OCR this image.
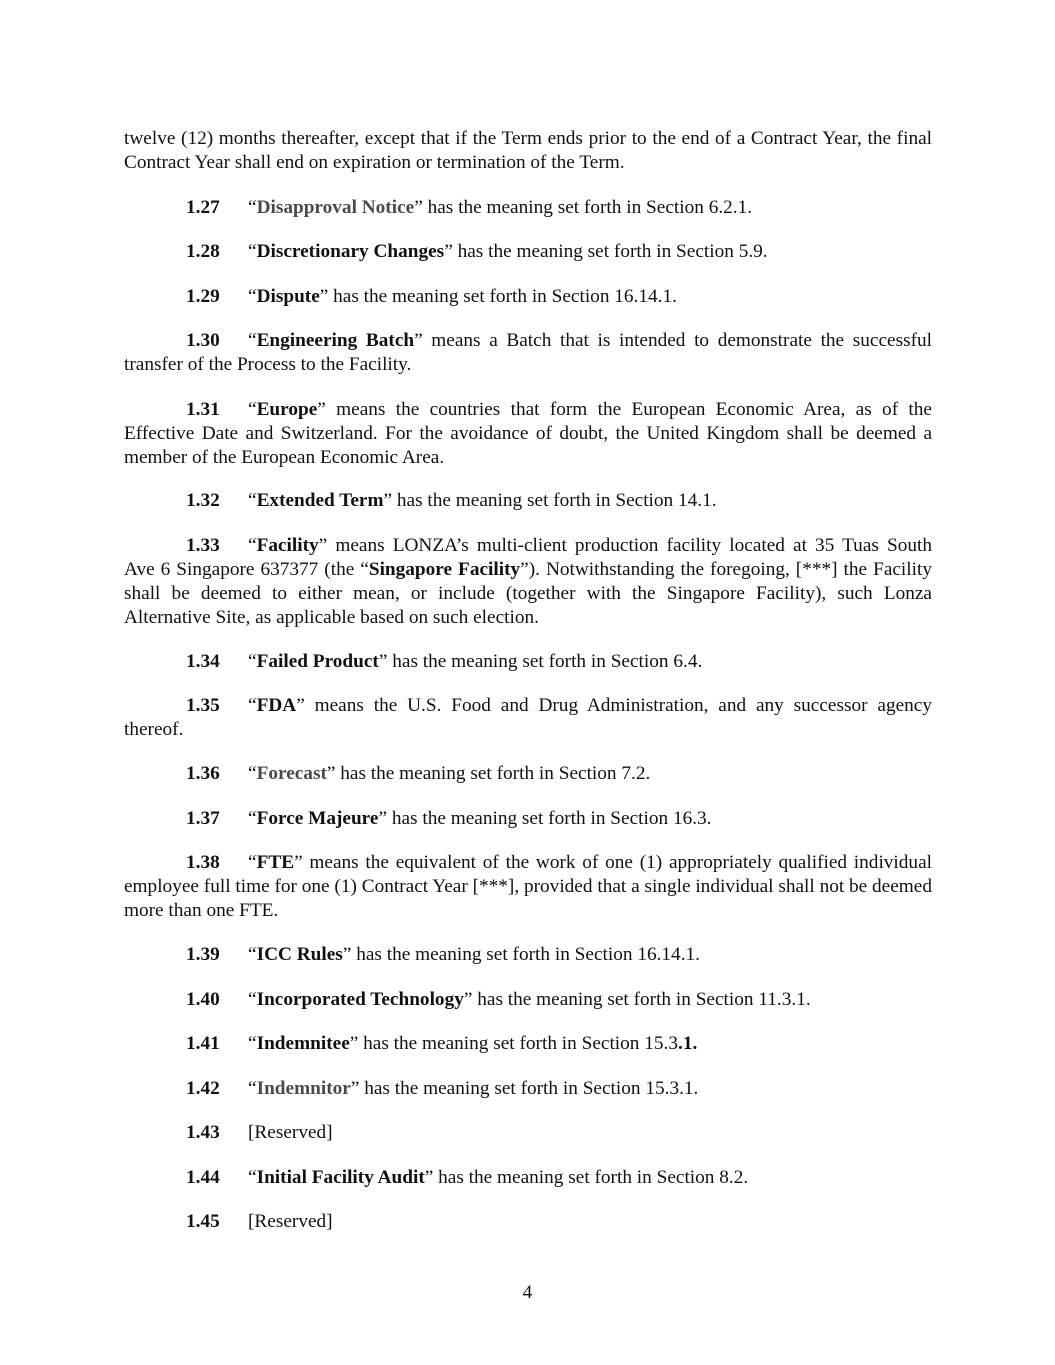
twelve (12) months thereafter, except that if the Term ends prior to the end of a Contract Year, the final Contract Year shall end on expiration or termination of the Term.

1.27 “Disapproval Notice” has the meaning set forth in Section 6.2.1.

1.28 “Discretionary Changes” has the meaning set forth in Section 5.9.

1.29 “Dispute” has the meaning set forth in Section 16.14.1.

1.30 “Engineering Batch” means a Batch that is intended to demonstrate the successful transfer of the Process to the Facility.

1.31 “Europe” means the countries that form the European Economic Area, as of the Effective Date and Switzerland. For the avoidance of doubt, the United Kingdom shall be deemed a member of the European Economic Area.

1.32 “Extended Term” has the meaning set forth in Section 14.1.

1.33 “Facility” means LONZA’s multi-client production facility located at 35 Tuas South Ave 6 Singapore 637377 (the “Singapore Facility”). Notwithstanding the foregoing, [***] the Facility shall be deemed to either mean, or include (together with the Singapore Facility), such Lonza Alternative Site, as applicable based on such election.

1.34 “Failed Product” has the meaning set forth in Section 6.4.

1.35 “FDA” means the U.S. Food and Drug Administration, and any successor agency thereof.

1.36 “Forecast” has the meaning set forth in Section 7.2.

1.37 “Force Majeure” has the meaning set forth in Section 16.3.

1.38 “FTE” means the equivalent of the work of one (1) appropriately qualified individual employee full time for one (1) Contract Year [***], provided that a single individual shall not be deemed more than one FTE.

1.39 “ICC Rules” has the meaning set forth in Section 16.14.1.

1.40 “Incorporated Technology” has the meaning set forth in Section 11.3.1.

1.41 “Indemnitee” has the meaning set forth in Section 15.3.1.

1.42 “Indemnitor” has the meaning set forth in Section 15.3.1.

1.43 [Reserved]

1.44 “Initial Facility Audit” has the meaning set forth in Section 8.2.

1.45 [Reserved]

4
